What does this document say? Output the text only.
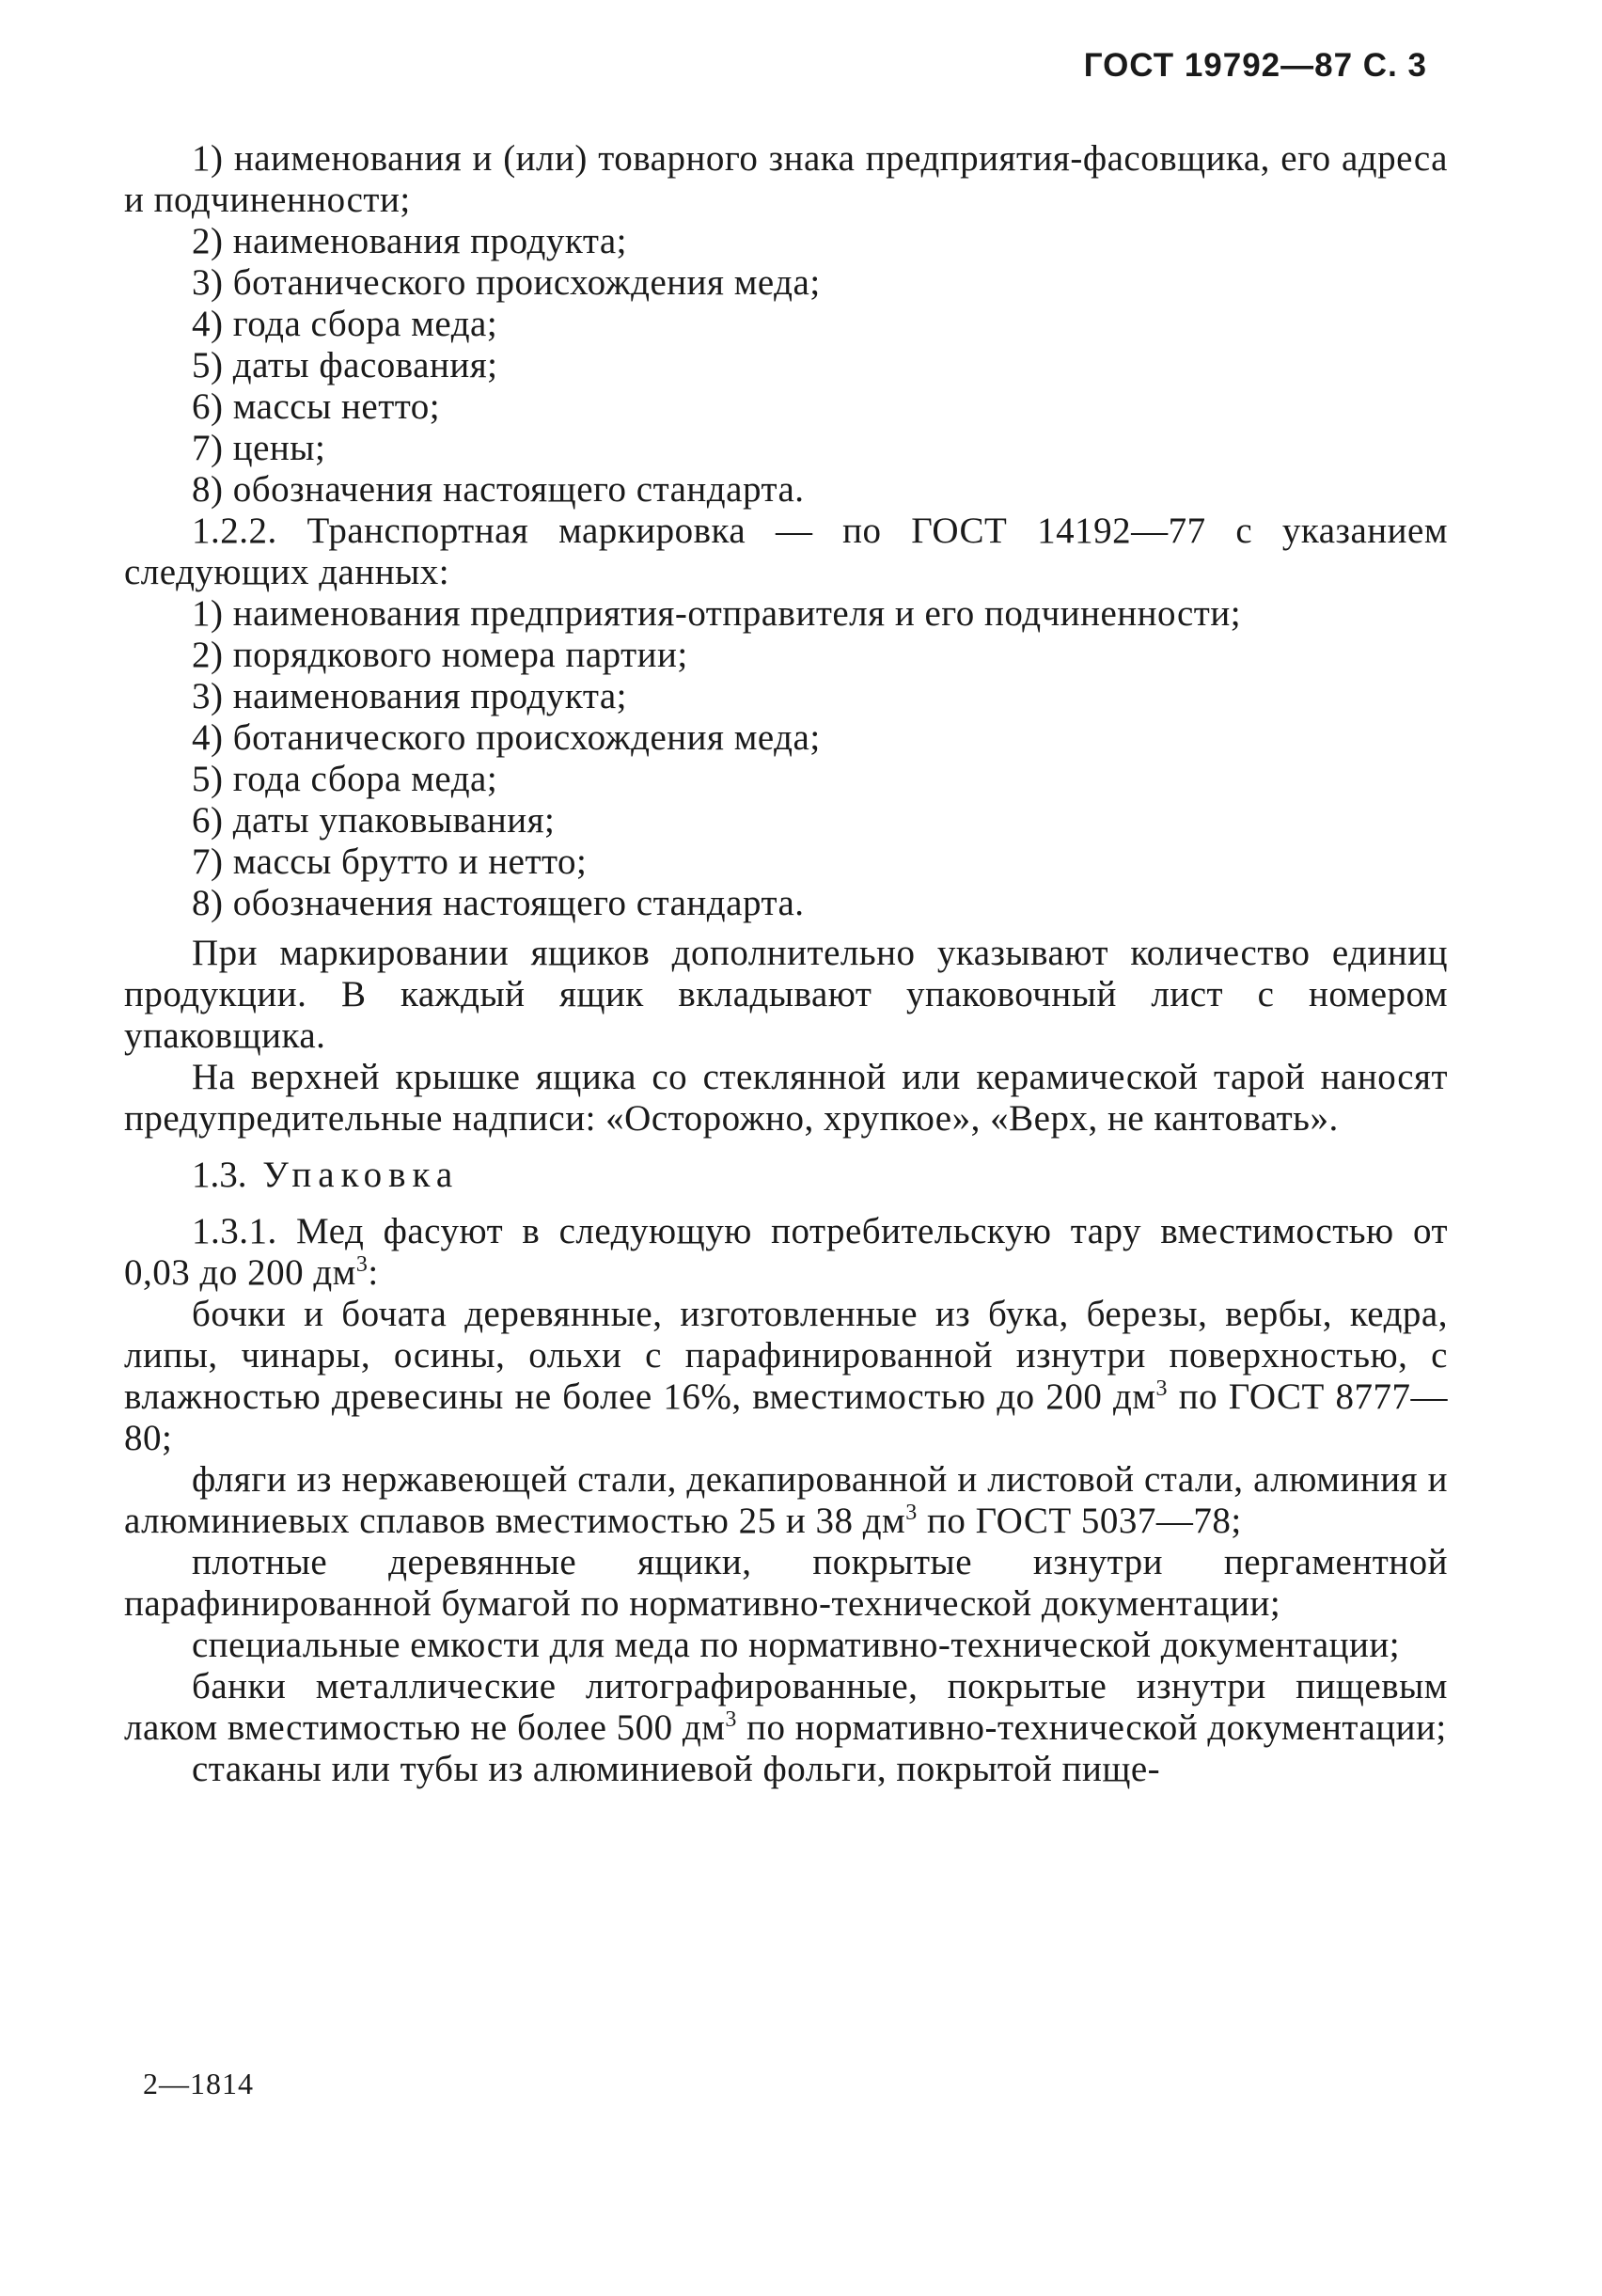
ГОСТ 19792—87 С. 3

1) наименования и (или) товарного знака предприятия-фасовщика, его адреса и подчиненности;

2) наименования продукта;

3) ботанического происхождения меда;

4) года сбора меда;

5) даты фасования;

6) массы нетто;

7) цены;

8) обозначения настоящего стандарта.

1.2.2. Транспортная маркировка — по ГОСТ 14192—77 с указанием следующих данных:

1) наименования предприятия-отправителя и его подчиненности;

2) порядкового номера партии;

3) наименования продукта;

4) ботанического происхождения меда;

5) года сбора меда;

6) даты упаковывания;

7) массы брутто и нетто;

8) обозначения настоящего стандарта.

При маркировании ящиков дополнительно указывают количество единиц продукции. В каждый ящик вкладывают упаковочный лист с номером упаковщика.

На верхней крышке ящика со стеклянной или керамической тарой наносят предупредительные надписи: «Осторожно, хрупкое», «Верх, не кантовать».

1.3. Упаковка

1.3.1. Мед фасуют в следующую потребительскую тару вместимостью от 0,03 до 200 $дм^3$:

бочки и бочата деревянные, изготовленные из бука, березы, вербы, кедра, липы, чинары, осины, ольхи с парафинированной изнутри поверхностью, с влажностью древесины не более 16%, вместимостью до 200 $дм^3$ по ГОСТ 8777—80;

фляги из нержавеющей стали, декапированной и листовой стали, алюминия и алюминиевых сплавов вместимостью 25 и 38 $дм^3$ по ГОСТ 5037—78;

плотные деревянные ящики, покрытые изнутри пергаментной парафинированной бумагой по нормативно-технической документации;

специальные емкости для меда по нормативно-технической документации;

банки металлические литографированные, покрытые изнутри пищевым лаком вместимостью не более 500 $дм^3$ по нормативно-технической документации;

стаканы или тубы из алюминиевой фольги, покрытой пище-

2—1814
